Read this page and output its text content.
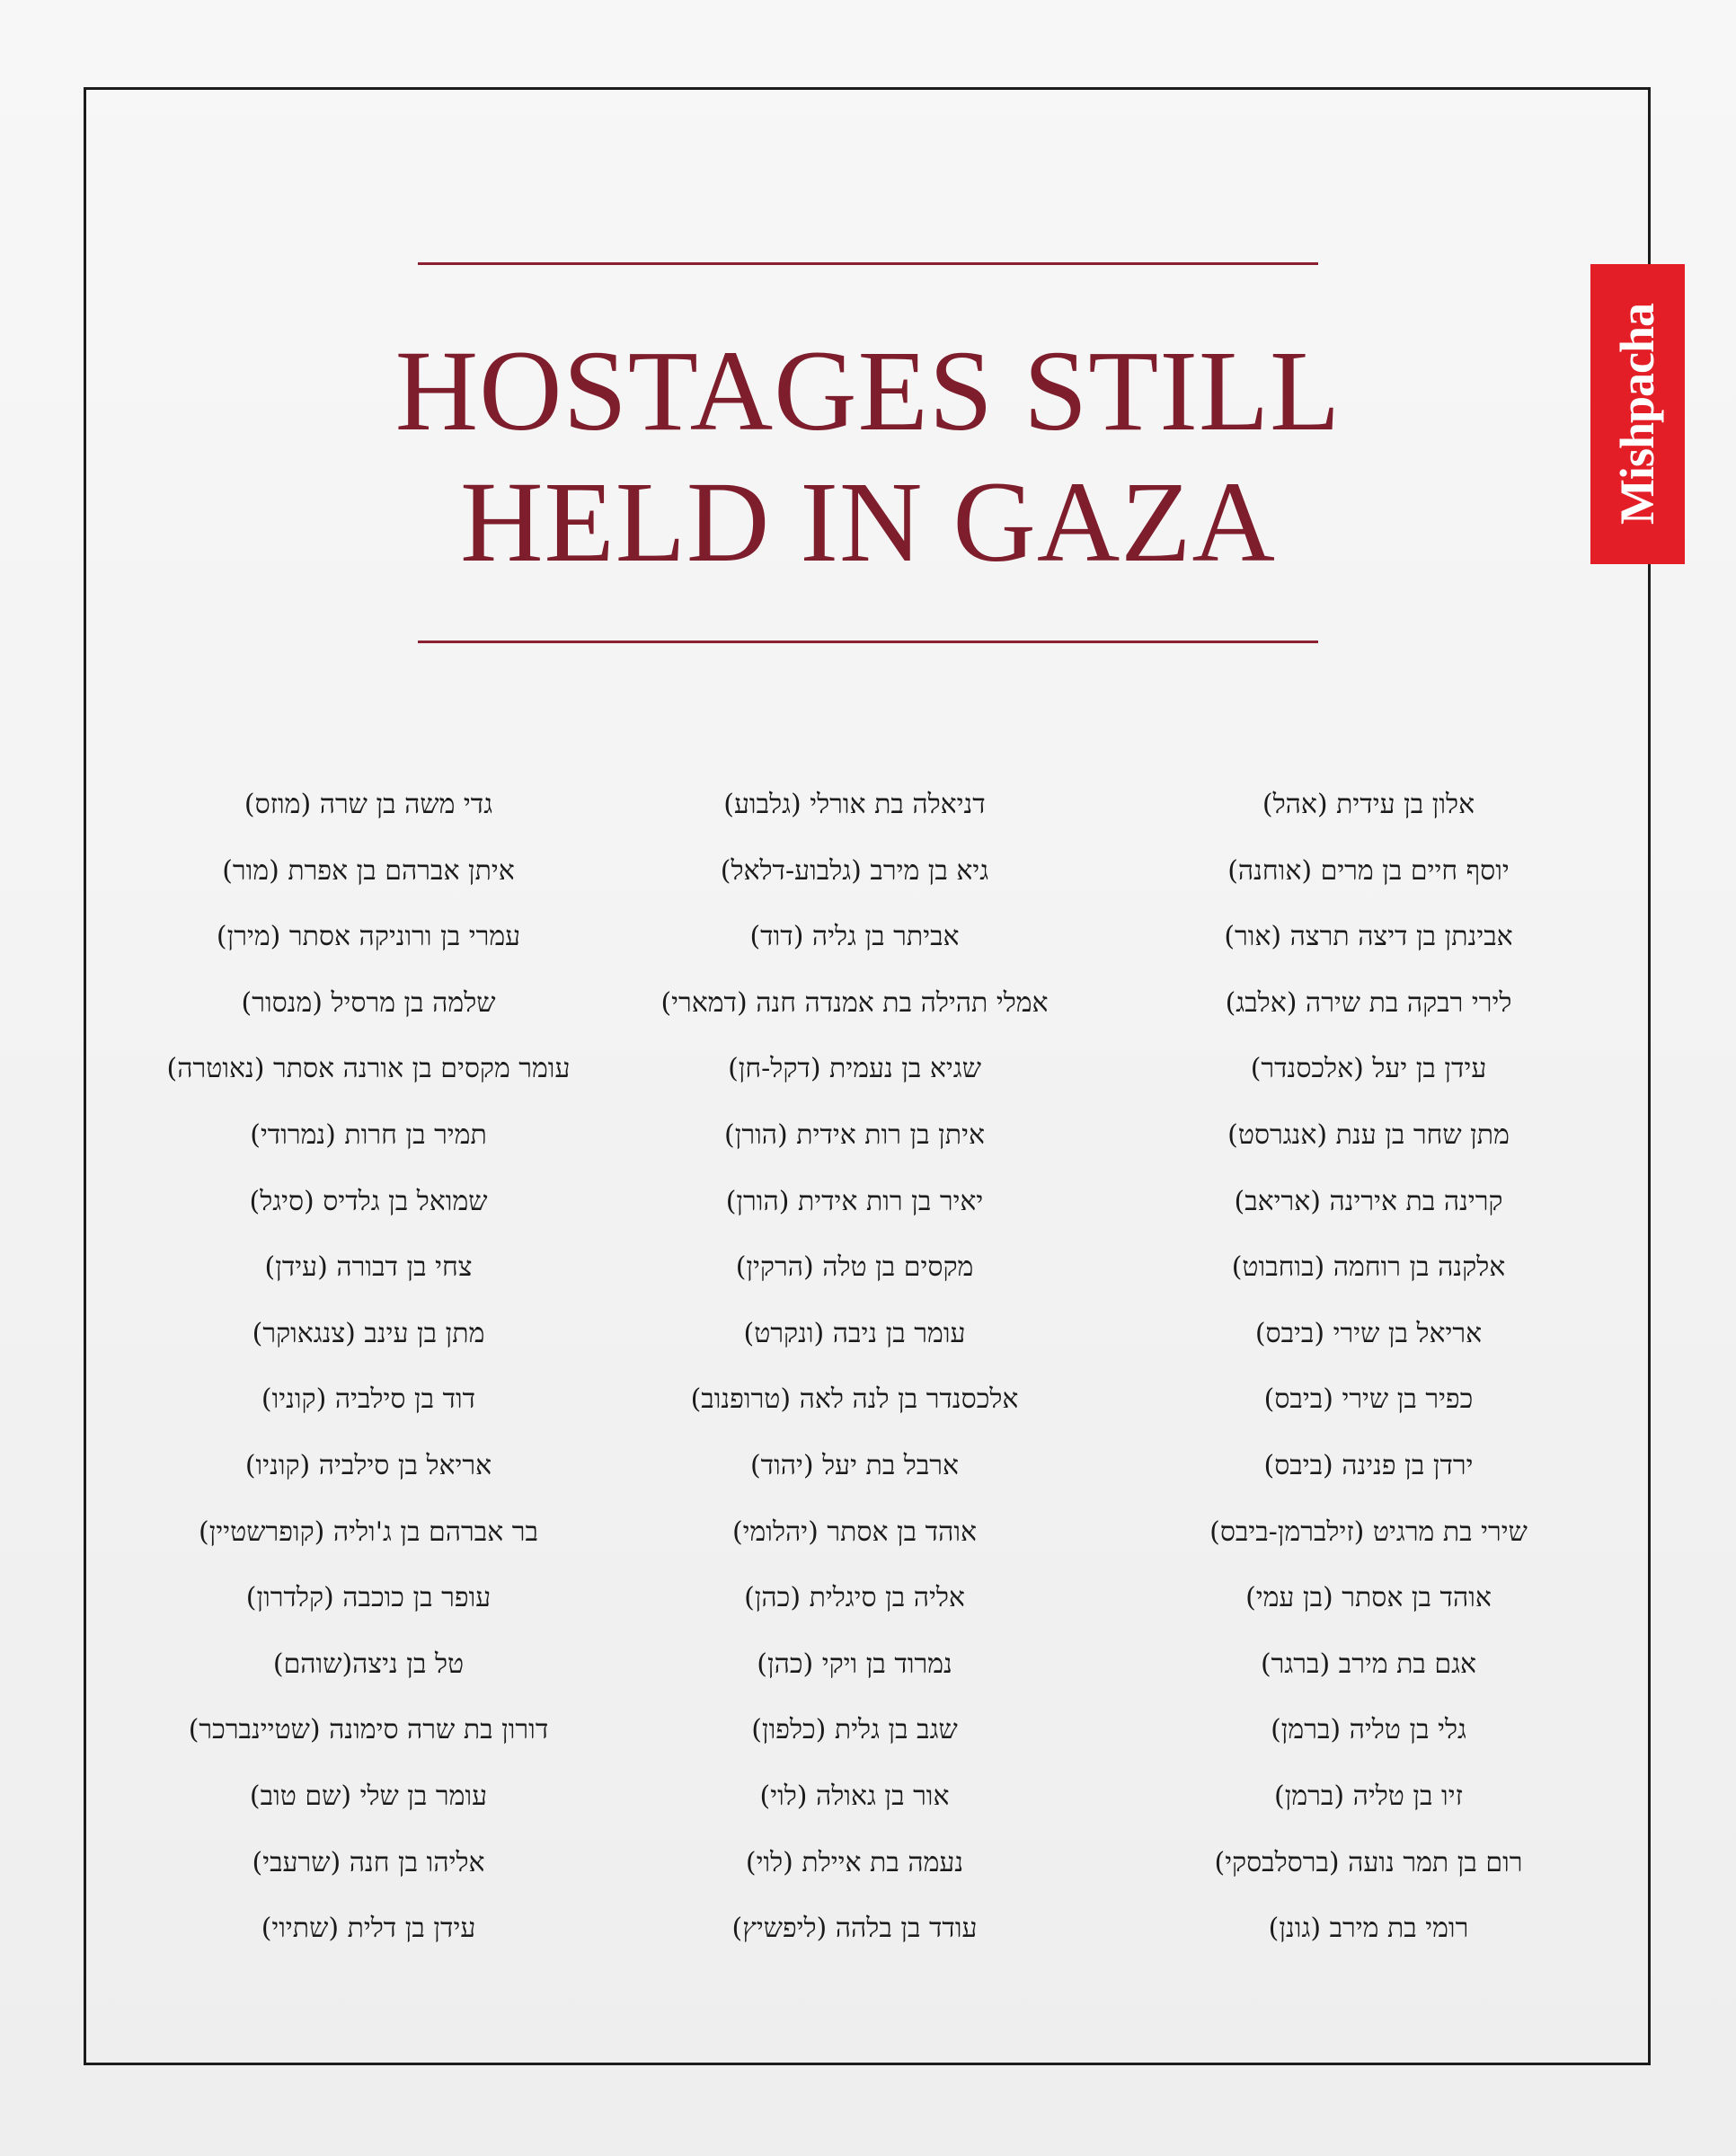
HOSTAGES STILL
HELD IN GAZA	Mishpacha
אלון בן עידית (אהל)
יוסף חיים בן מרים (אוחנה)
אבינתן בן דיצה תרצה (אור)
לירי רבקה בת שירה (אלבג)
עידן בן יעל (אלכסנדר)
מתן שחר בן ענת (אנגרסט)
קרינה בת אירינה (אריאב)
אלקנה בן רוחמה (בוחבוט)
אריאל בן שירי (ביבס)
כפיר בן שירי (ביבס)
ירדן בן פנינה (ביבס)
שירי בת מרגיט (זילברמן-ביבס)
אוהד בן אסתר (בן עמי)
אגם בת מירב (ברגר)
גלי בן טליה (ברמן)
זיו בן טליה (ברמן)
רום בן תמר נועה (ברסלבסקי)
רומי בת מירב (גונן)
דניאלה בת אורלי (גלבוע)
גיא בן מירב (גלבוע-דלאל)
אביתר בן גליה (דוד)
אמלי תהילה בת אמנדה חנה (דמארי)
שגיא בן נעמית (דקל-חן)
איתן בן רות אידית (הורן)
יאיר בן רות אידית (הורן)
מקסים בן טלה (הרקין)
עומר בן ניבה (ונקרט)
אלכסנדר בן לנה לאה (טרופנוב)
ארבל בת יעל (יהוד)
אוהד בן אסתר (יהלומי)
אליה בן סיגלית (כהן)
נמרוד בן ויקי (כהן)
שגב בן גלית (כלפון)
אור בן גאולה (לוי)
נעמה בת איילת (לוי)
עודד בן בלהה (ליפשיץ)
גדי משה בן שרה (מוזס)
איתן אברהם בן אפרת (מור)
עמרי בן ורוניקה אסתר (מירן)
שלמה בן מרסיל (מנסור)
עומר מקסים בן אורנה אסתר (נאוטרה)
תמיר בן חרות (נמרודי)
שמואל בן גלדיס (סיגל)
צחי בן דבורה (עידן)
מתן בן עינב (צנגאוקר)
דוד בן סילביה (קוניו)
אריאל בן סילביה (קוניו)
בר אברהם בן ג'וליה (קופרשטיין)
עופר בן כוכבה (קלדרון)
טל בן ניצה(שוהם)
דורון בת שרה סימונה (שטיינברכר)
עומר בן שלי (שם טוב)
אליהו בן חנה (שרעבי)
עידן בן דלית (שתיוי)
